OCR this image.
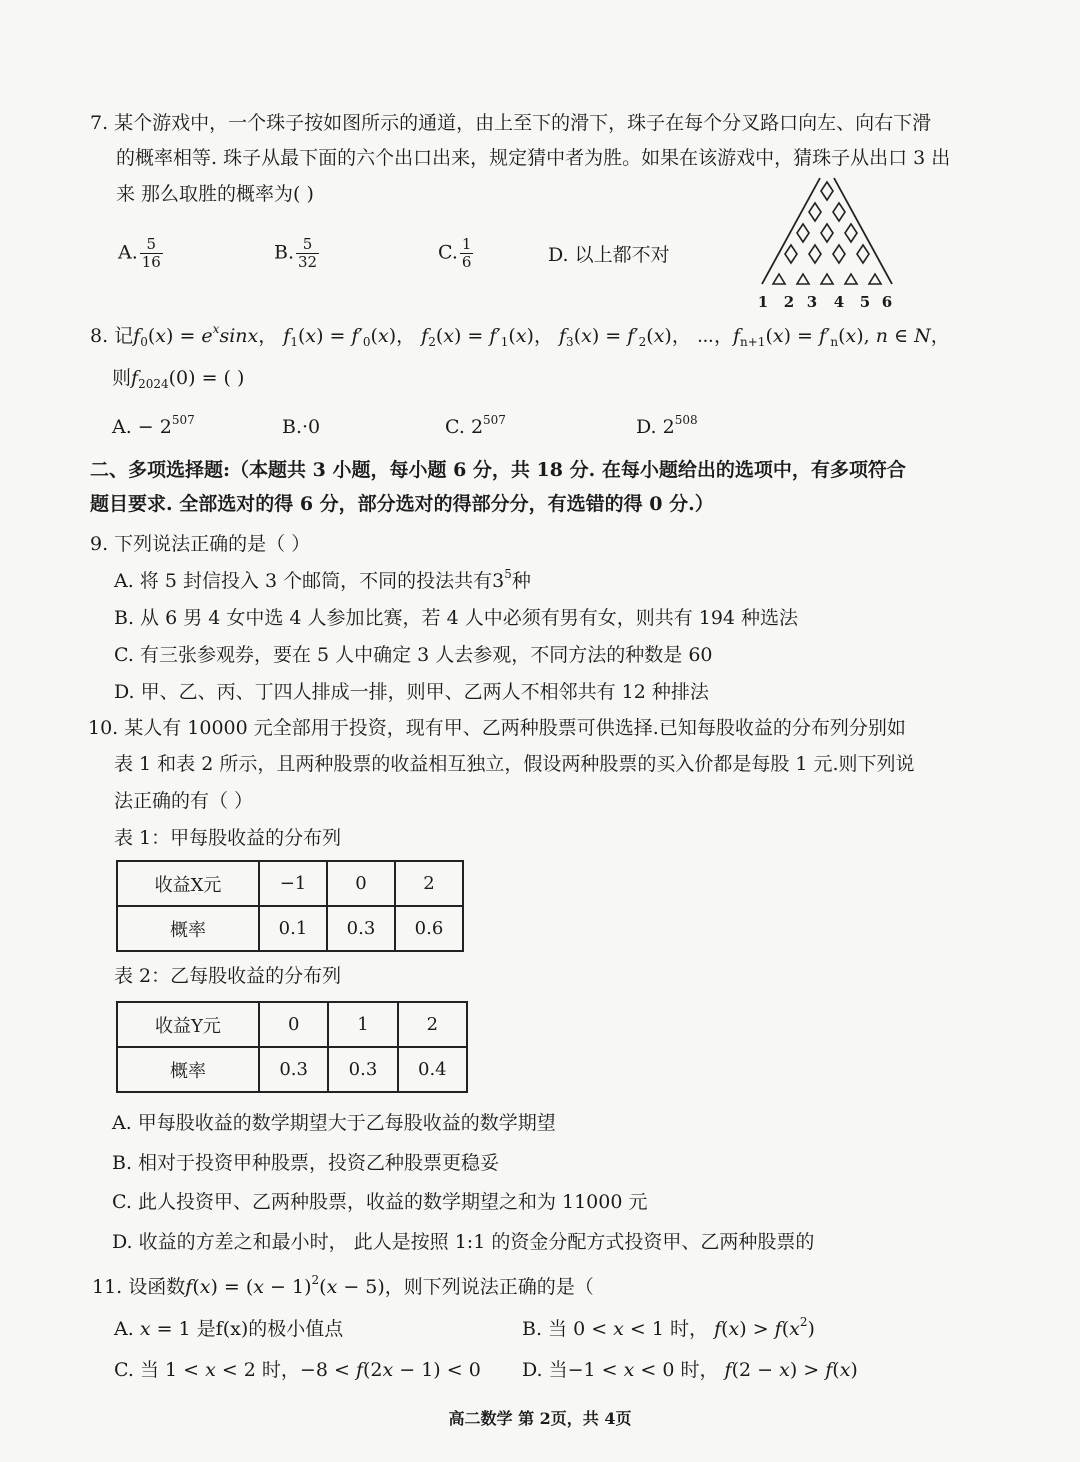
7. 某个游戏中，一个珠子按如图所示的通道，由上至下的滑下，珠子在每个分叉路口向左、向右下滑
的概率相等. 珠子从最下面的六个出口出来，规定猜中者为胜。如果在该游戏中，猜珠子从出口 3 出
来 那么取胜的概率为( )
A. $\frac{5}{16}$	B. $\frac{5}{32}$	C. $\frac{1}{6}$	D. 以上都不对
1 2 3 4 5 6
8. 记$f_0(x) = e^x\sin x$， $f_1(x) = f'_0(x)$， $f_2(x) = f'_1(x)$， $f_3(x) = f'_2(x)$， ⋯，$f_{n+1}(x) = f'_n(x)$, n ∈ N，
则$f_{2024}(0)$ = ( )
A. − $2^{507}$	B.·0	C. $2^{507}$	D. $2^{508}$
二、多项选择题:（本题共 3 小题，每小题 6 分，共 18 分. 在每小题给出的选项中，有多项符合
题目要求. 全部选对的得 6 分，部分选对的得部分分，有选错的得 0 分.）
9. 下列说法正确的是（ ）
A. 将 5 封信投入 3 个邮筒，不同的投法共有$3^5$种
B. 从 6 男 4 女中选 4 人参加比赛，若 4 人中必须有男有女，则共有 194 种选法
C. 有三张参观券，要在 5 人中确定 3 人去参观，不同方法的种数是 60
D. 甲、乙、丙、丁四人排成一排，则甲、乙两人不相邻共有 12 种排法
10. 某人有 10000 元全部用于投资，现有甲、乙两种股票可供选择.已知每股收益的分布列分别如
表 1 和表 2 所示，且两种股票的收益相互独立，假设两种股票的买入价都是每股 1 元.则下列说
法正确的有（ ）
表 1：甲每股收益的分布列
收益X元	−1	0	2
概率	0.1	0.3	0.6
表 2：乙每股收益的分布列
收益Y元	0	1	2
概率	0.3	0.3	0.4
A. 甲每股收益的数学期望大于乙每股收益的数学期望
B. 相对于投资甲种股票，投资乙种股票更稳妥
C. 此人投资甲、乙两种股票，收益的数学期望之和为 11000 元
D. 收益的方差之和最小时， 此人是按照 1:1 的资金分配方式投资甲、乙两种股票的
11. 设函数$f(x) = (x - 1)^2(x - 5)$，则下列说法正确的是（
A. x = 1 是f(x)的极小值点	B. 当 0 < x < 1 时， $f(x) > f(x^2)$
C. 当 1 < x < 2 时，−8 < f(2x − 1) < 0 D. 当−1 < x < 0 时， f(2 − x) > f(x)
高二数学 第 2页，共 4页
